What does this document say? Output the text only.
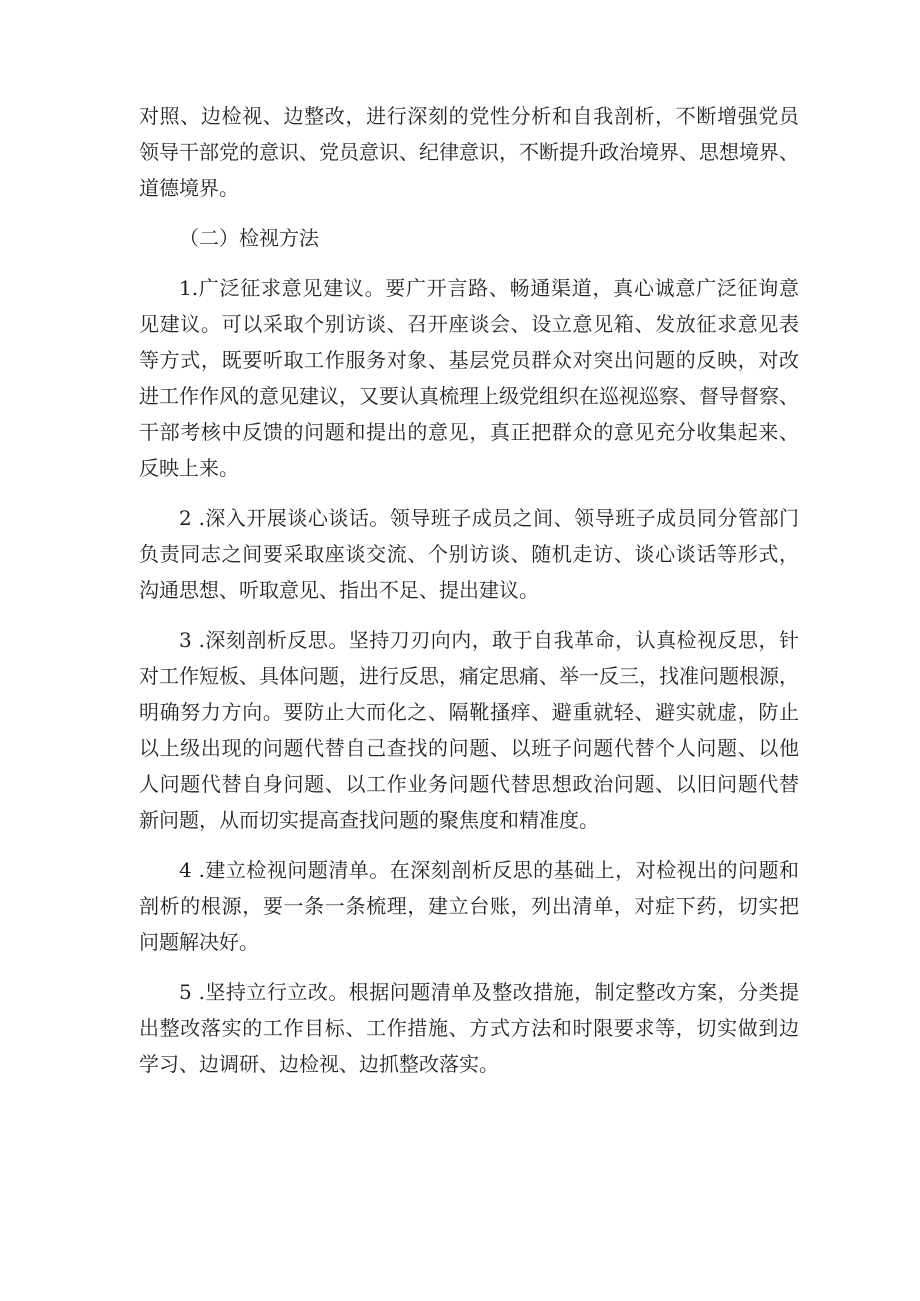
对照、边检视、边整改，进行深刻的党性分析和自我剖析，不断增强党员
领导干部党的意识、党员意识、纪律意识，不断提升政治境界、思想境界、
道德境界。
（二）检视方法
1.广泛征求意见建议。要广开言路、畅通渠道，真心诚意广泛征询意
见建议。可以采取个别访谈、召开座谈会、设立意见箱、发放征求意见表
等方式，既要听取工作服务对象、基层党员群众对突出问题的反映，对改
进工作作风的意见建议，又要认真梳理上级党组织在巡视巡察、督导督察、
干部考核中反馈的问题和提出的意见，真正把群众的意见充分收集起来、
反映上来。
2 .深入开展谈心谈话。领导班子成员之间、领导班子成员同分管部门
负责同志之间要采取座谈交流、个别访谈、随机走访、谈心谈话等形式，
沟通思想、听取意见、指出不足、提出建议。
3 .深刻剖析反思。坚持刀刃向内，敢于自我革命，认真检视反思，针
对工作短板、具体问题，进行反思，痛定思痛、举一反三，找准问题根源，
明确努力方向。要防止大而化之、隔靴搔痒、避重就轻、避实就虚，防止
以上级出现的问题代替自己查找的问题、以班子问题代替个人问题、以他
人问题代替自身问题、以工作业务问题代替思想政治问题、以旧问题代替
新问题，从而切实提高查找问题的聚焦度和精准度。
4 .建立检视问题清单。在深刻剖析反思的基础上，对检视出的问题和
剖析的根源，要一条一条梳理，建立台账，列出清单，对症下药，切实把
问题解决好。
5 .坚持立行立改。根据问题清单及整改措施，制定整改方案，分类提
出整改落实的工作目标、工作措施、方式方法和时限要求等，切实做到边
学习、边调研、边检视、边抓整改落实。
